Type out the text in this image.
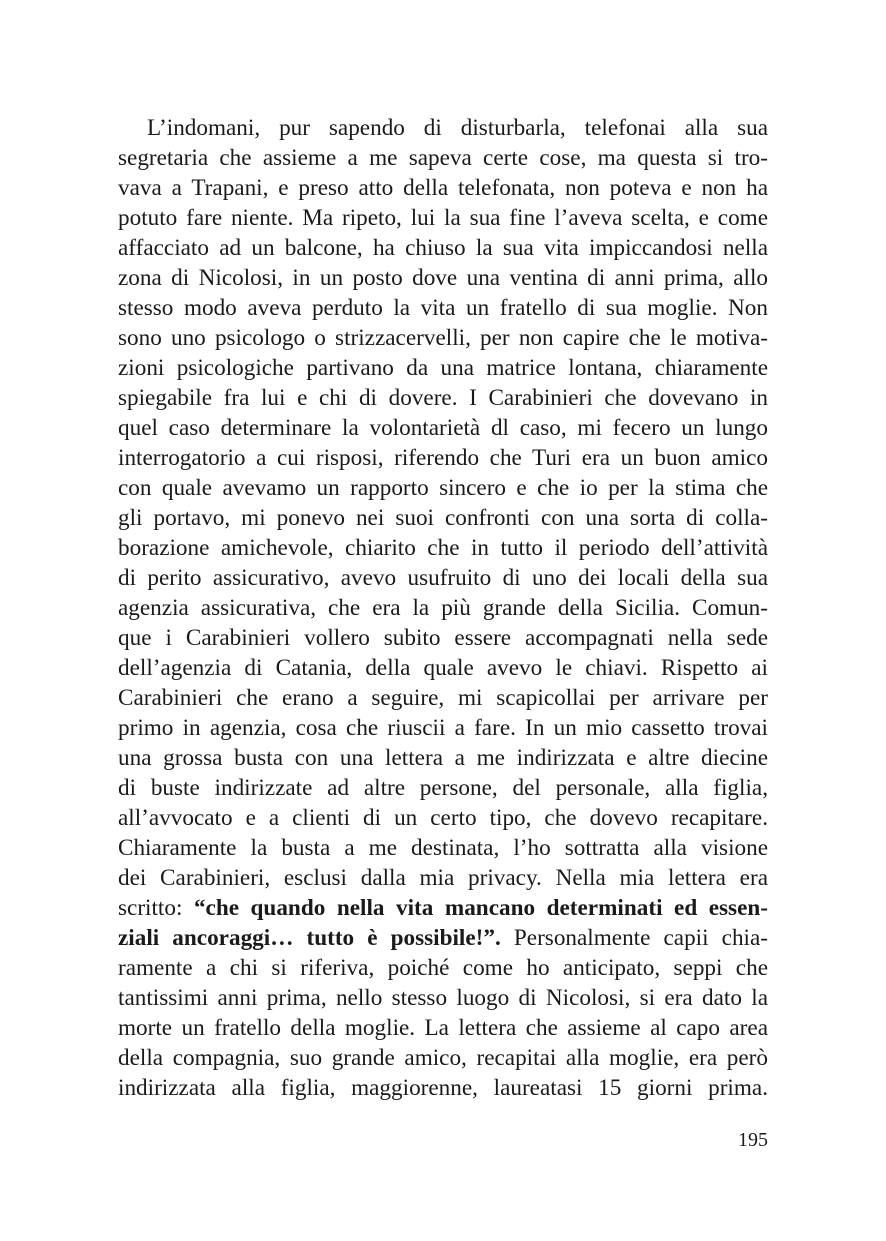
L’indomani, pur sapendo di disturbarla, telefonai alla sua
segretaria che assieme a me sapeva certe cose, ma questa si tro-
vava a Trapani, e preso atto della telefonata, non poteva e non ha
potuto fare niente. Ma ripeto, lui la sua fine l’aveva scelta, e come
affacciato ad un balcone, ha chiuso la sua vita impiccandosi nella
zona di Nicolosi, in un posto dove una ventina di anni prima, allo
stesso modo aveva perduto la vita un fratello di sua moglie. Non
sono uno psicologo o strizzacervelli, per non capire che le motiva-
zioni psicologiche partivano da una matrice lontana, chiaramente
spiegabile fra lui e chi di dovere. I Carabinieri che dovevano in
quel caso determinare la volontarietà dl caso, mi fecero un lungo
interrogatorio a cui risposi, riferendo che Turi era un buon amico
con quale avevamo un rapporto sincero e che io per la stima che
gli portavo, mi ponevo nei suoi confronti con una sorta di colla-
borazione amichevole, chiarito che in tutto il periodo dell’attività
di perito assicurativo, avevo usufruito di uno dei locali della sua
agenzia assicurativa, che era la più grande della Sicilia. Comun-
que i Carabinieri vollero subito essere accompagnati nella sede
dell’agenzia di Catania, della quale avevo le chiavi. Rispetto ai
Carabinieri che erano a seguire, mi scapicollai per arrivare per
primo in agenzia, cosa che riuscii a fare. In un mio cassetto trovai
una grossa busta con una lettera a me indirizzata e altre diecine
di buste indirizzate ad altre persone, del personale, alla figlia,
all’avvocato e a clienti di un certo tipo, che dovevo recapitare.
Chiaramente la busta a me destinata, l’ho sottratta alla visione
dei Carabinieri, esclusi dalla mia privacy. Nella mia lettera era
scritto: “che quando nella vita mancano determinati ed essen-
ziali ancoraggi… tutto è possibile!”. Personalmente capii chia-
ramente a chi si riferiva, poiché come ho anticipato, seppi che
tantissimi anni prima, nello stesso luogo di Nicolosi, si era dato la
morte un fratello della moglie. La lettera che assieme al capo area
della compagnia, suo grande amico, recapitai alla moglie, era però
indirizzata alla figlia, maggiorenne, laureatasi 15 giorni prima.
195
